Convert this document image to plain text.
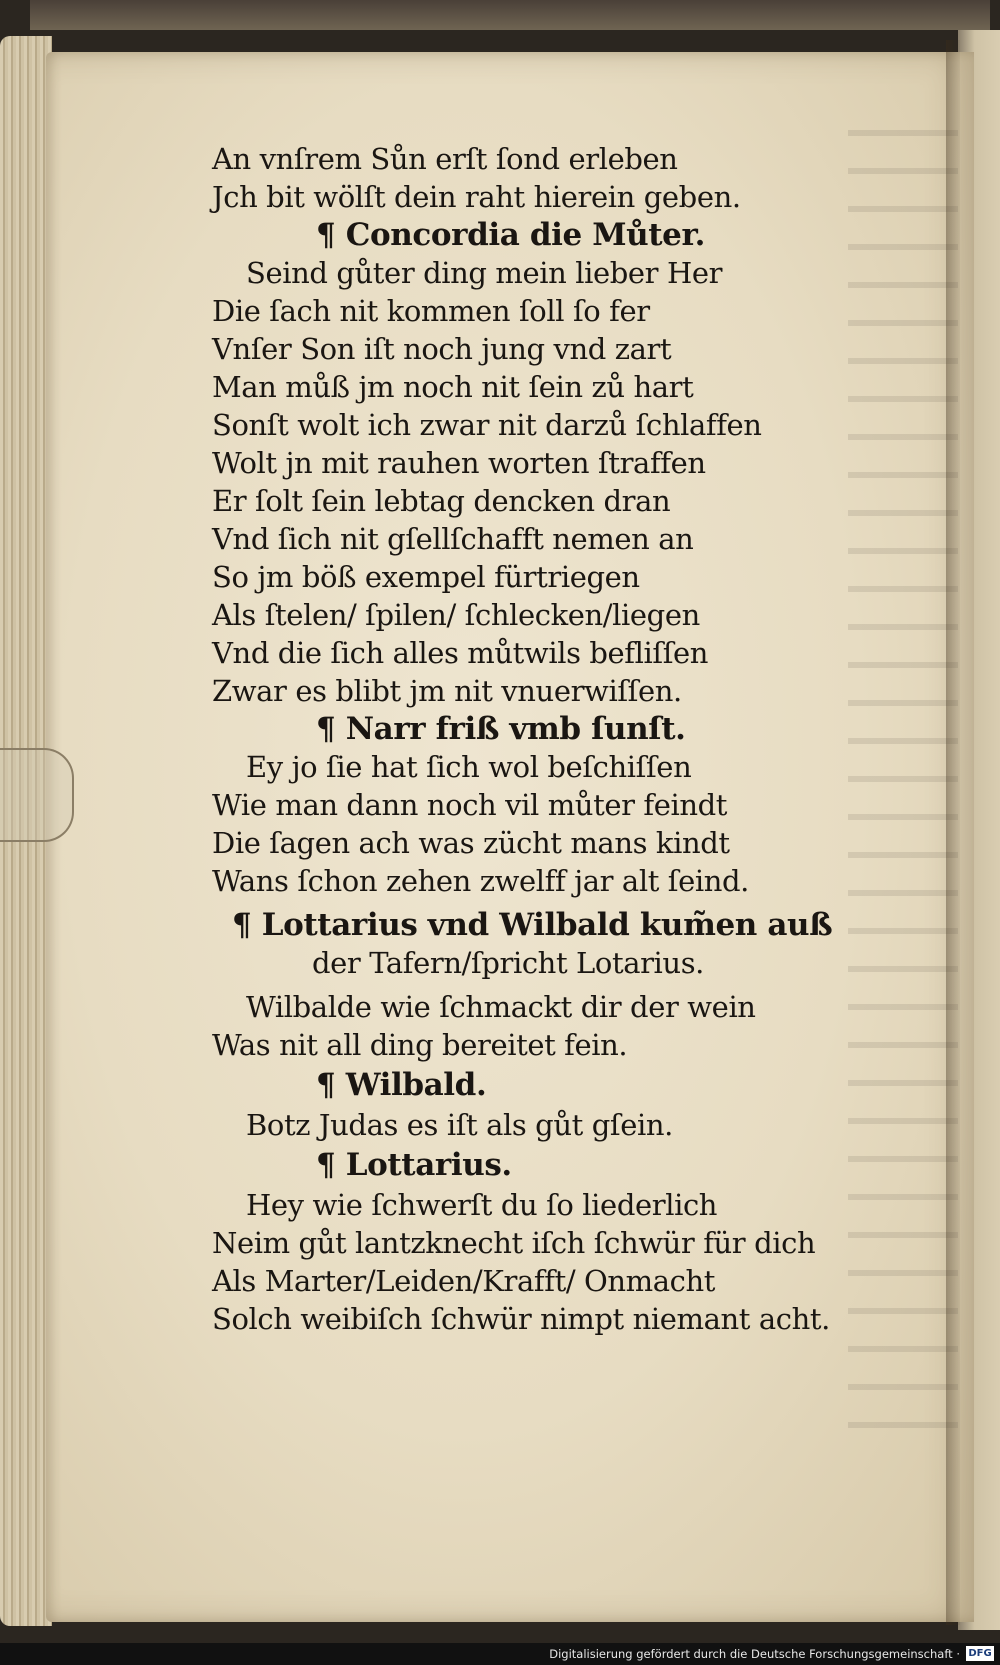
An vnſrem Sůn erſt ſond erleben
Jch bit wölſt dein raht hierein geben.
¶ Concordia die Můter.
Seind gůter ding mein lieber Her
Die ſach nit kommen ſoll ſo fer
Vnſer Son iſt noch jung vnd zart
Man můß jm noch nit ſein zů hart
Sonſt wolt ich zwar nit darzů ſchlaffen
Wolt jn mit rauhen worten ſtraffen
Er ſolt ſein lebtag dencken dran
Vnd ſich nit gſellſchafft nemen an
So jm böß exempel fürtriegen
Als ſtelen/ ſpilen/ ſchlecken/liegen
Vnd die ſich alles můtwils befliſſen
Zwar es blibt jm nit vnuerwiſſen.
¶ Narr friß vmb ſunſt.
Ey jo ſie hat ſich wol beſchiſſen
Wie man dann noch vil můter feindt
Die ſagen ach was zücht mans kindt
Wans ſchon zehen zwelff jar alt ſeind.
¶ Lottarius vnd Wilbald kum̃en auß
der Tafern/ſpricht Lotarius.
Wilbalde wie ſchmackt dir der wein
Was nit all ding bereitet fein.
¶ Wilbald.
Botz Judas es iſt als gůt gſein.
¶ Lottarius.
Hey wie ſchwerſt du ſo liederlich
Neim gůt lantzknecht iſch ſchwür für dich
Als Marter/Leiden/Krafft/ Onmacht
Solch weibiſch ſchwür nimpt niemant acht.
Digitalisierung gefördert durch die Deutsche Forschungsgemeinschaft · DFG
